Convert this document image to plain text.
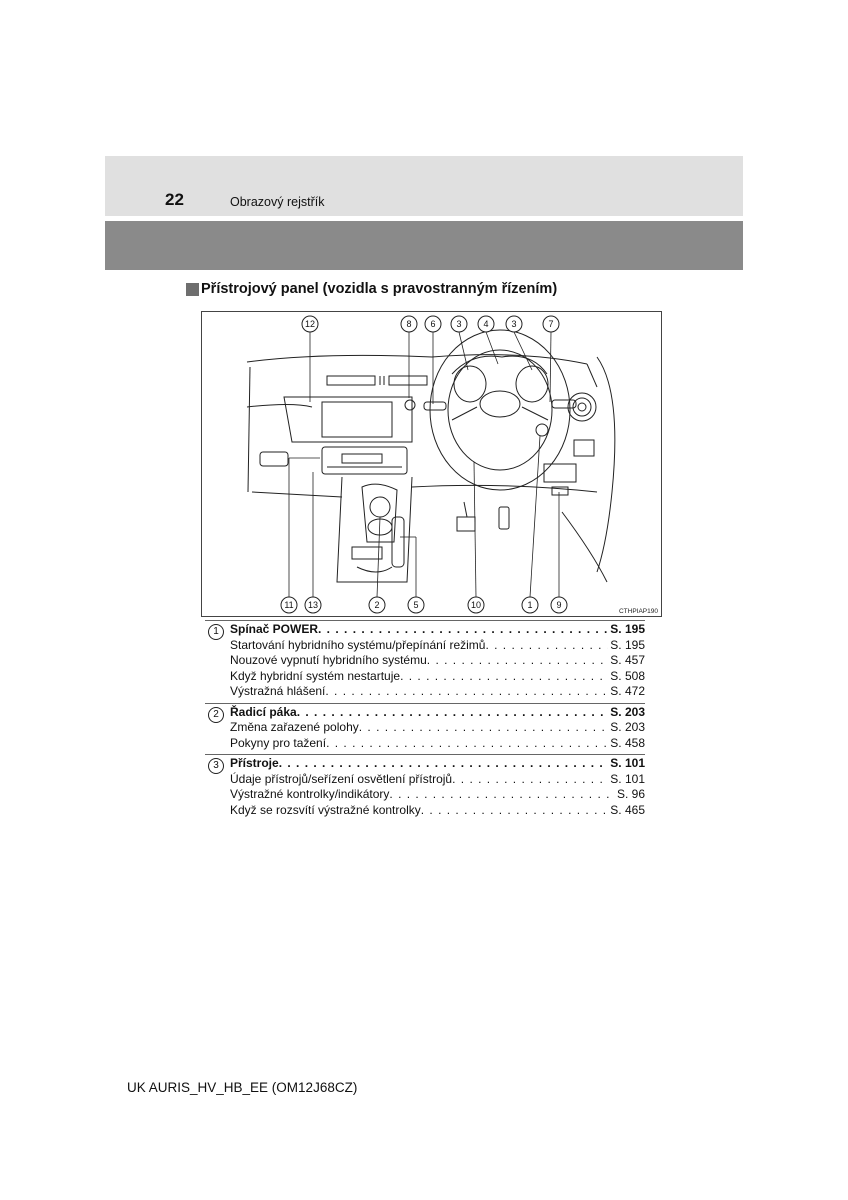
22	Obrazový rejstřík
Přístrojový panel (vozidla s pravostranným řízením)
12	8 6 3 4	3	7
11 13	2	5	10	1	9
CTHPIAP190
1 Spínač POWER . . .	S. 195
Startování hybridního systému/přepínání režimů . . .	S. 195
Nouzové vypnutí hybridního systému . . .	S. 457
Když hybridní systém nestartuje . . .	S. 508
Výstražná hlášení . . .	S. 472
2 Řadicí páka . . .	S. 203
Změna zařazené polohy . . .	S. 203
Pokyny pro tažení . . .	S. 458
3 Přístroje . . .	S. 101
Údaje přístrojů/seřízení osvětlení přístrojů . . .	S. 101
Výstražné kontrolky/indikátory . . .	S. 96
Když se rozsvítí výstražné kontrolky . . .	S. 465
UK AURIS_HV_HB_EE (OM12J68CZ)
